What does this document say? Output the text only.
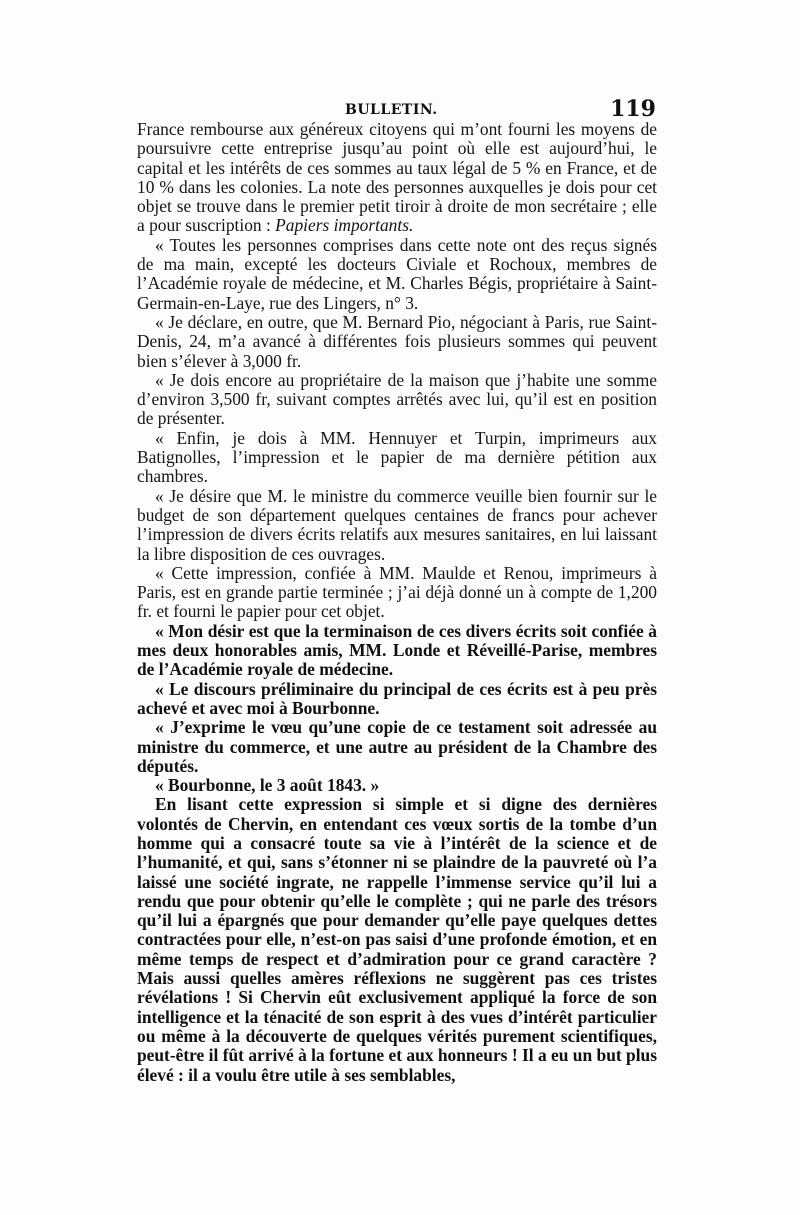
BULLETIN.	119

France rembourse aux généreux citoyens qui m’ont fourni les moyens de poursuivre cette entreprise jusqu’au point où elle est aujourd’hui, le capital et les intérêts de ces sommes au taux légal de 5 % en France, et de 10 % dans les colonies. La note des personnes auxquelles je dois pour cet objet se trouve dans le premier petit tiroir à droite de mon secrétaire ; elle a pour suscription : Papiers importants.

« Toutes les personnes comprises dans cette note ont des reçus signés de ma main, excepté les docteurs Civiale et Rochoux, membres de l’Académie royale de médecine, et M. Charles Bégis, propriétaire à Saint-Germain-en-Laye, rue des Lingers, n° 3.

« Je déclare, en outre, que M. Bernard Pio, négociant à Paris, rue Saint-Denis, 24, m’a avancé à différentes fois plusieurs sommes qui peuvent bien s’élever à 3,000 fr.

« Je dois encore au propriétaire de la maison que j’habite une somme d’environ 3,500 fr, suivant comptes arrêtés avec lui, qu’il est en position de présenter.

« Enfin, je dois à MM. Hennuyer et Turpin, imprimeurs aux Batignolles, l’impression et le papier de ma dernière pétition aux chambres.

« Je désire que M. le ministre du commerce veuille bien fournir sur le budget de son département quelques centaines de francs pour achever l’impression de divers écrits relatifs aux mesures sanitaires, en lui laissant la libre disposition de ces ouvrages.

« Cette impression, confiée à MM. Maulde et Renou, imprimeurs à Paris, est en grande partie terminée ; j’ai déjà donné un à compte de 1,200 fr. et fourni le papier pour cet objet.

« Mon désir est que la terminaison de ces divers écrits soit confiée à mes deux honorables amis, MM. Londe et Réveillé-Parise, membres de l’Académie royale de médecine.

« Le discours préliminaire du principal de ces écrits est à peu près achevé et avec moi à Bourbonne.

« J’exprime le vœu qu’une copie de ce testament soit adressée au ministre du commerce, et une autre au président de la Chambre des députés.

« Bourbonne, le 3 août 1843. »

En lisant cette expression si simple et si digne des dernières volontés de Chervin, en entendant ces vœux sortis de la tombe d’un homme qui a consacré toute sa vie à l’intérêt de la science et de l’humanité, et qui, sans s’étonner ni se plaindre de la pauvreté où l’a laissé une société ingrate, ne rappelle l’immense service qu’il lui a rendu que pour obtenir qu’elle le complète ; qui ne parle des trésors qu’il lui a épargnés que pour demander qu’elle paye quelques dettes contractées pour elle, n’est-on pas saisi d’une profonde émotion, et en même temps de respect et d’admiration pour ce grand caractère ? Mais aussi quelles amères réflexions ne suggèrent pas ces tristes révélations ! Si Chervin eût exclusivement appliqué la force de son intelligence et la ténacité de son esprit à des vues d’intérêt particulier ou même à la découverte de quelques vérités purement scientifiques, peut-être il fût arrivé à la fortune et aux honneurs ! Il a eu un but plus élevé : il a voulu être utile à ses semblables,
